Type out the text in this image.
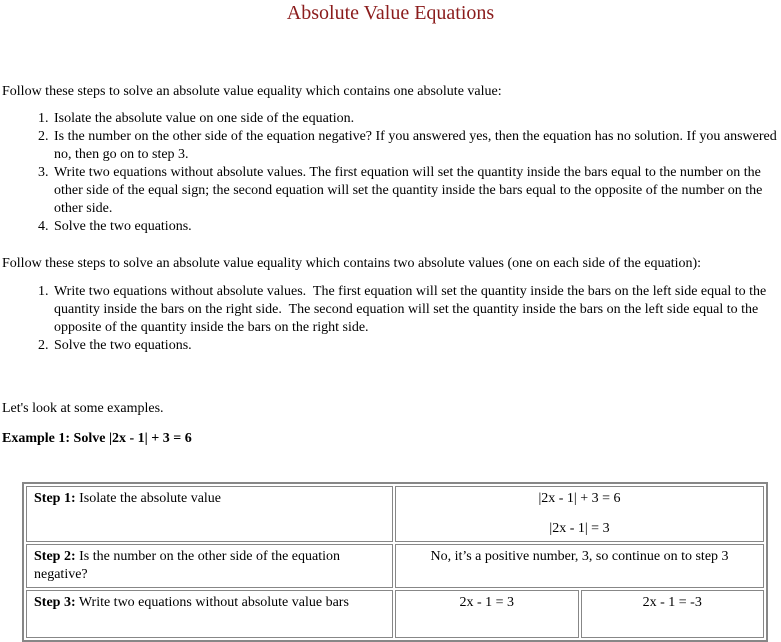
Absolute Value Equations

Follow these steps to solve an absolute value equality which contains one absolute value:

1. Isolate the absolute value on one side of the equation.
2. Is the number on the other side of the equation negative? If you answered yes, then the equation has no solution. If you answered no, then go on to step 3.
3. Write two equations without absolute values. The first equation will set the quantity inside the bars equal to the number on the other side of the equal sign; the second equation will set the quantity inside the bars equal to the opposite of the number on the other side.
4. Solve the two equations.

Follow these steps to solve an absolute value equality which contains two absolute values (one on each side of the equation):

1. Write two equations without absolute values.  The first equation will set the quantity inside the bars on the left side equal to the quantity inside the bars on the right side.  The second equation will set the quantity inside the bars on the left side equal to the opposite of the quantity inside the bars on the right side.
2. Solve the two equations.

Let's look at some examples.

Example 1: Solve |2x - 1| + 3 = 6

Step 1: Isolate the absolute value	|2x - 1| + 3 = 6

|2x - 1| = 3	

Step 2: Is the number on the other side of the equation negative?	No, it’s a positive number, 3, so continue on to step 3	

Step 3: Write two equations without absolute value bars	2x - 1 = 3	2x - 1 = -3
